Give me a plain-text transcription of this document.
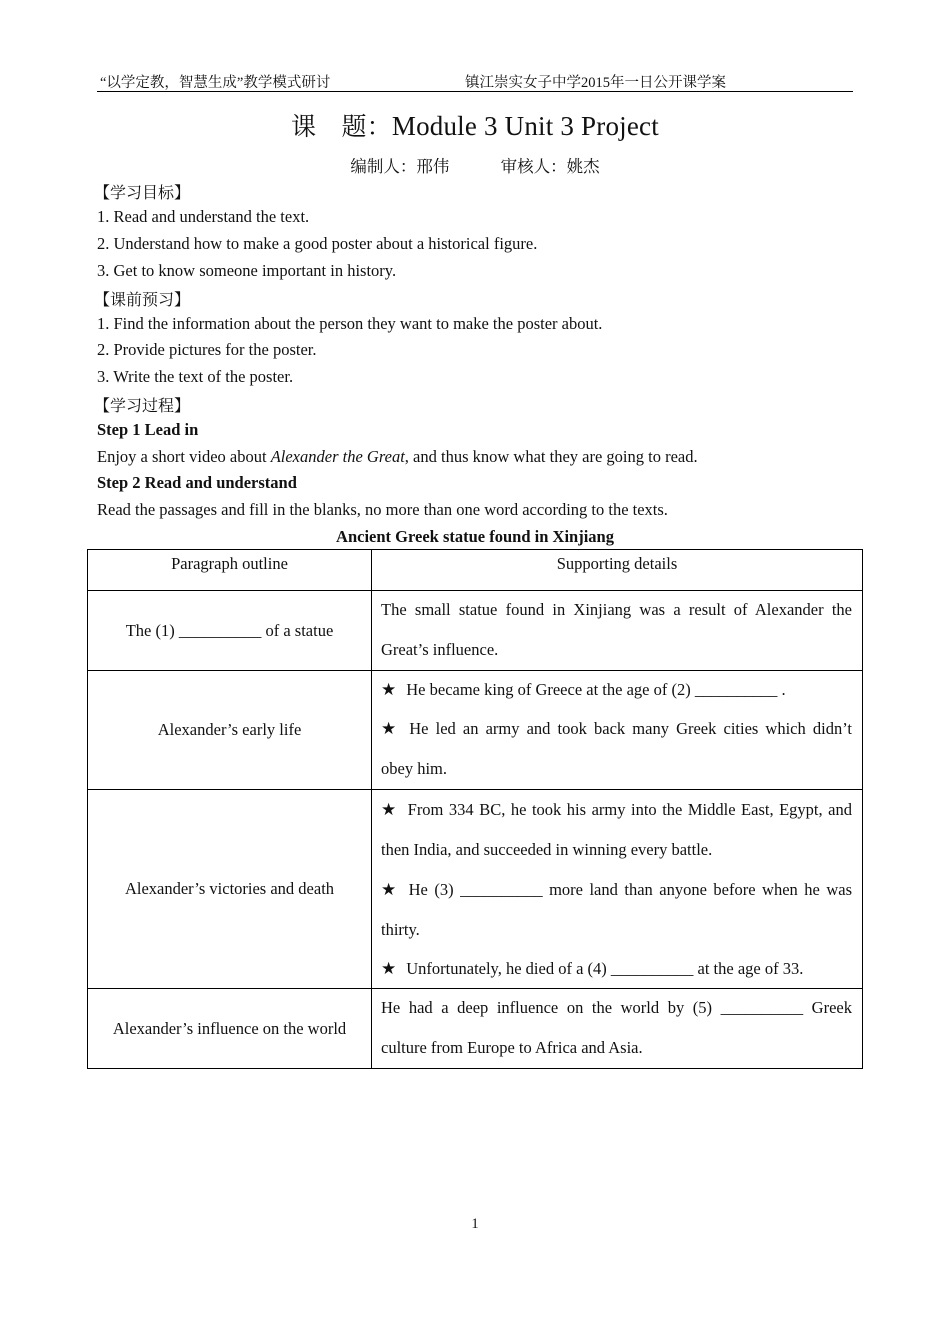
“以学定教，智慧生成”教学模式研讨	镇江崇实女子中学2015年一日公开课学案
课　题：Module 3 Unit 3 Project
编制人：邢伟	审核人：姚杰
【学习目标】
1. Read and understand the text.
2. Understand how to make a good poster about a historical figure.
3. Get to know someone important in history.
【课前预习】
1. Find the information about the person they want to make the poster about.
2. Provide pictures for the poster.
3. Write the text of the poster.
【学习过程】
Step 1 Lead in
Enjoy a short video about Alexander the Great, and thus know what they are going to read.
Step 2 Read and understand
Read the passages and fill in the blanks, no more than one word according to the texts.
Ancient Greek statue found in Xinjiang
Paragraph outline	Supporting details
The (1) __________ of a statue	The small statue found in Xinjiang was a result of Alexander the Great’s influence.

Alexander’s early life	★ He became king of Greece at the age of (2) __________ .
★ He led an army and took back many Greek cities which didn’t obey him.

Alexander’s victories and death	★ From 334 BC, he took his army into the Middle East, Egypt, and then India, and succeeded in winning every battle.
★ He (3) __________ more land than anyone before when he was thirty.
★ Unfortunately, he died of a (4) __________ at the age of 33.

Alexander’s influence on the world	He had a deep influence on the world by (5) __________ Greek culture from Europe to Africa and Asia.
1
